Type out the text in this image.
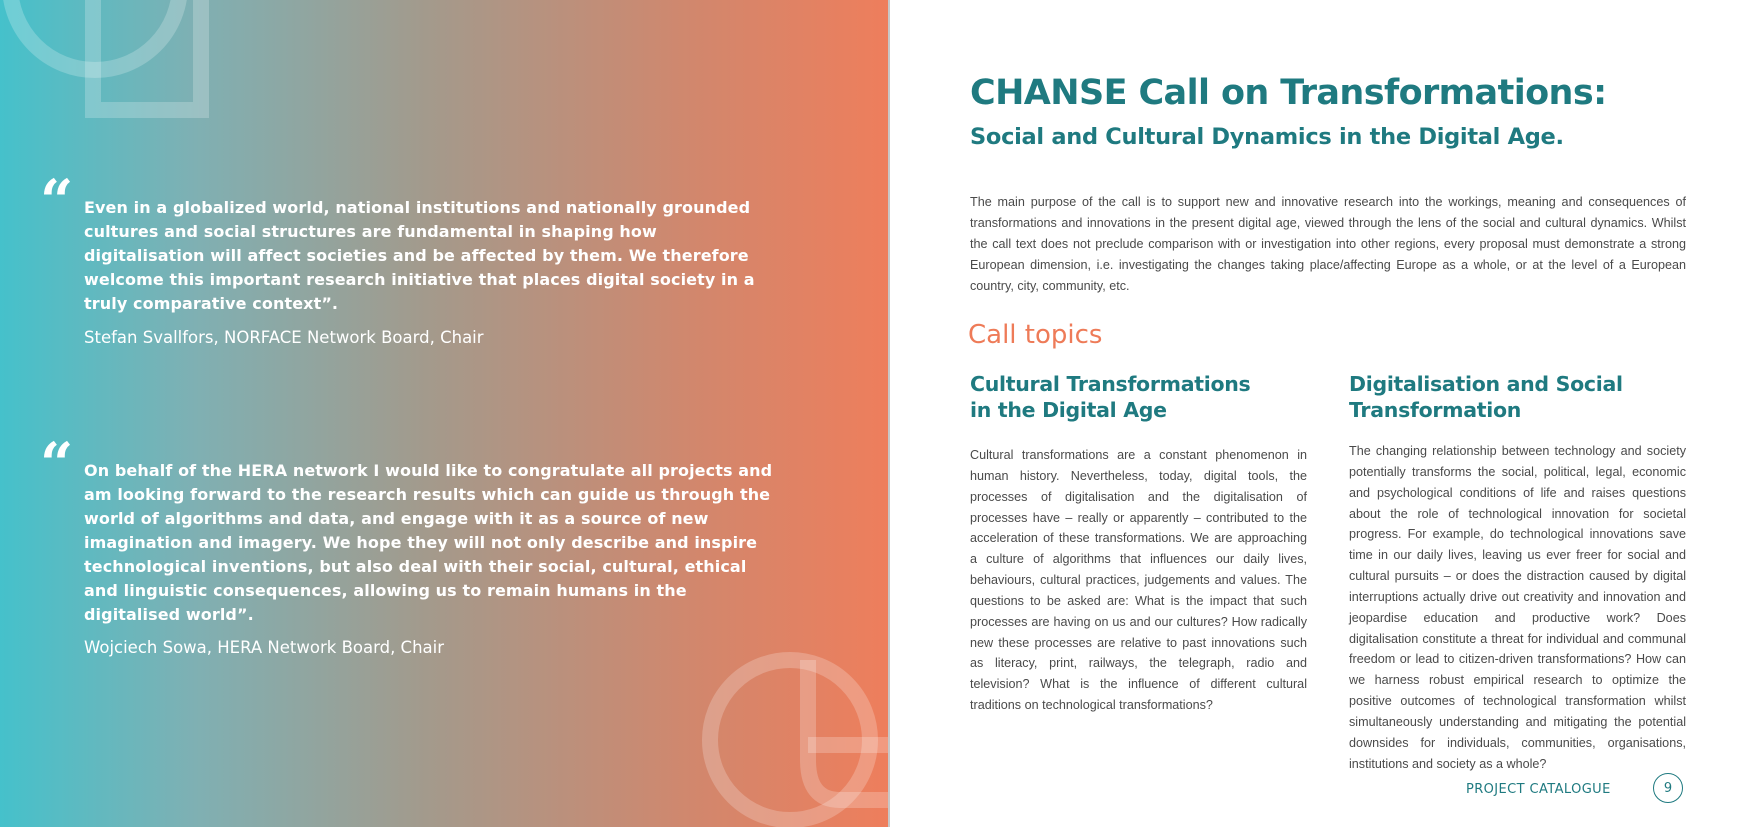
“ Even in a globalized world, national institutions and nationally grounded cultures and social structures are fundamental in shaping how digitalisation will affect societies and be affected by them. We therefore welcome this important research initiative that places digital society in a truly comparative context”.
Stefan Svallfors, NORFACE Network Board, Chair
“ On behalf of the HERA network I would like to congratulate all projects and am looking forward to the research results which can guide us through the world of algorithms and data, and engage with it as a source of new imagination and imagery. We hope they will not only describe and inspire technological inventions, but also deal with their social, cultural, ethical and linguistic consequences, allowing us to remain humans in the digitalised world”.
Wojciech Sowa, HERA Network Board, Chair
CHANSE Call on Transformations:
Social and Cultural Dynamics in the Digital Age.

The main purpose of the call is to support new and innovative research into the workings, meaning and consequences of transformations and innovations in the present digital age, viewed through the lens of the social and cultural dynamics. Whilst the call text does not preclude comparison with or investigation into other regions, every proposal must demonstrate a strong European dimension, i.e. investigating the changes taking place/affecting Europe as a whole, or at the level of a European country, city, community, etc.

Call topics
Cultural Transformations
in the Digital Age

Cultural transformations are a constant phenomenon in human history. Nevertheless, today, digital tools, the processes of digitalisation and the digitalisation of processes have – really or apparently – contributed to the acceleration of these transformations. We are approaching a culture of algorithms that influences our daily lives, behaviours, cultural practices, judgements and values. The questions to be asked are: What is the impact that such processes are having on us and our cultures? How radically new these processes are relative to past innovations such as literacy, print, railways, the telegraph, radio and television? What is the influence of different cultural traditions on technological transformations?

Digitalisation and Social
Transformation

The changing relationship between technology and society potentially transforms the social, political, legal, economic and psychological conditions of life and raises questions about the role of technological innovation for societal progress. For example, do technological innovations save time in our daily lives, leaving us ever freer for social and cultural pursuits – or does the distraction caused by digital interruptions actually drive out creativity and innovation and jeopardise education and productive work? Does digitalisation constitute a threat for individual and communal freedom or lead to citizen-driven transformations? How can we harness robust empirical research to optimize the positive outcomes of technological transformation whilst simultaneously understanding and mitigating the potential downsides for individuals, communities, organisations, institutions and society as a whole?

PROJECT CATALOGUE	9
